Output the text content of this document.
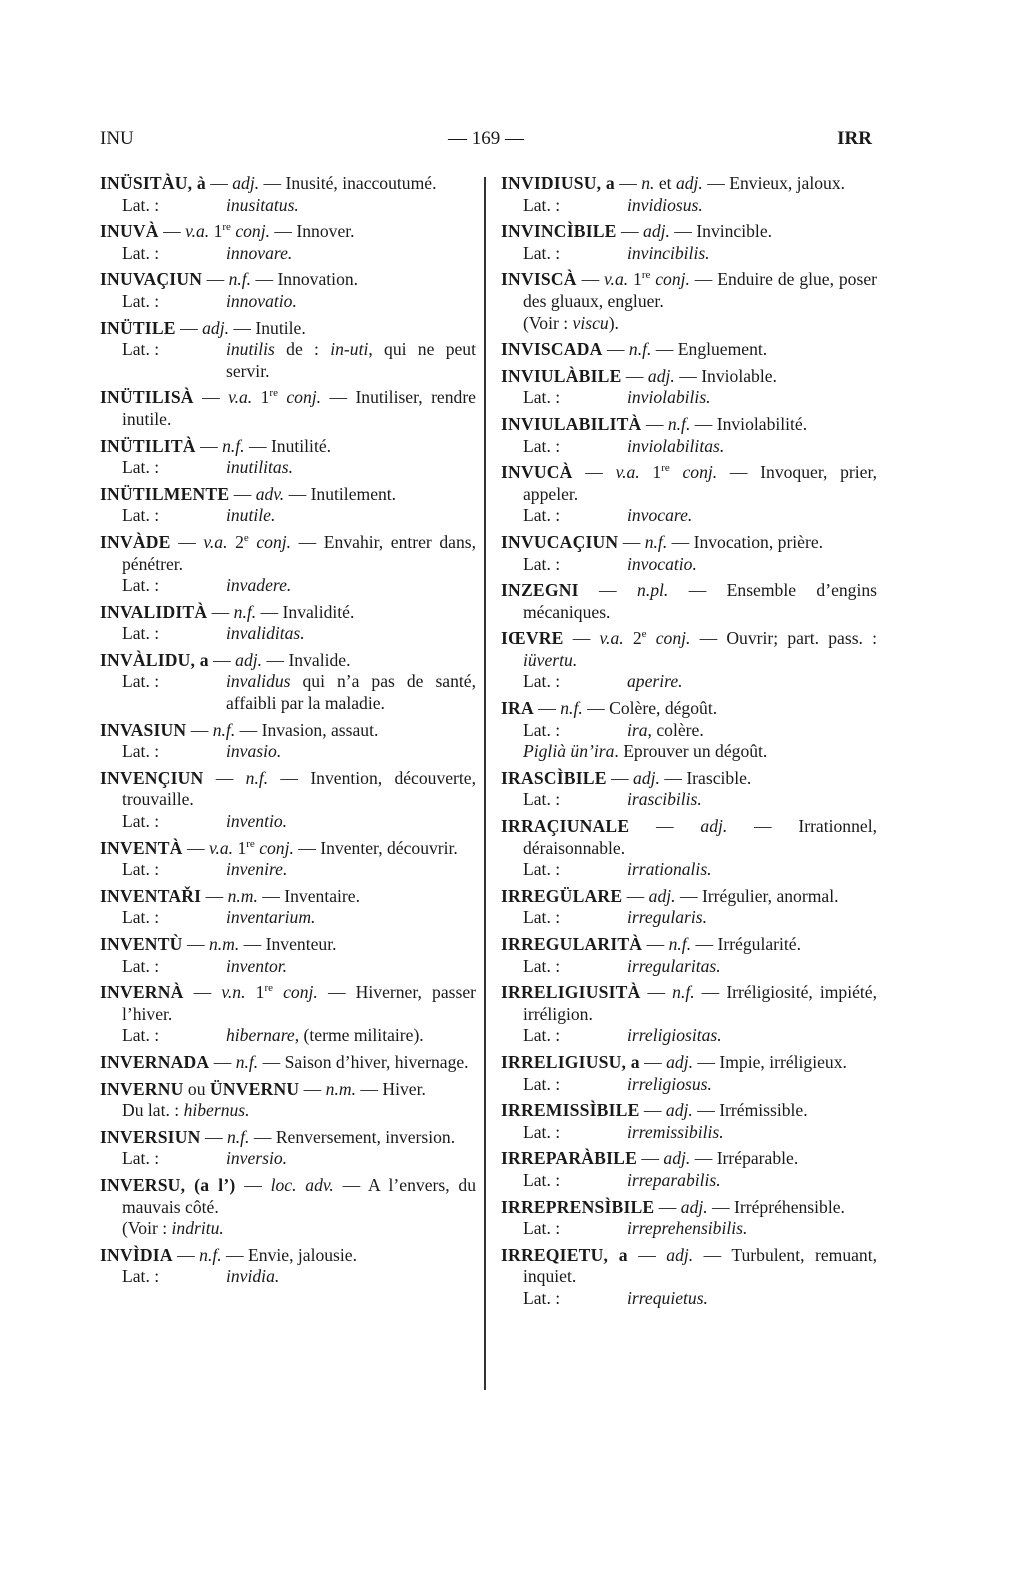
INU	— 169 —	IRR
INÜSITÀU, à — adj. — Inusité, inaccoutumé.
Lat. :	inusitatus.
INUVÀ — v.a. 1re conj. — Innover.
Lat. :	innovare.
INUVAÇIUN — n.f. — Innovation.
Lat. :	innovatio.
INÜTILE — adj. — Inutile.
Lat. :	inutilis de : in-uti, qui ne peut servir.
INÜTILISÀ — v.a. 1re conj. — Inutiliser, rendre inutile.
INÜTILITÀ — n.f. — Inutilité.
Lat. :	inutilitas.
INÜTILMENTE — adv. — Inutilement.
Lat. :	inutile.
INVÀDE — v.a. 2e conj. — Envahir, entrer dans, pénétrer.
Lat. :	invadere.
INVALIDITÀ — n.f. — Invalidité.
Lat. :	invaliditas.
INVÀLIDU, a — adj. — Invalide.
Lat. :	invalidus qui n’a pas de santé, affaibli par la maladie.
INVASIUN — n.f. — Invasion, assaut.
Lat. :	invasio.
INVENÇIUN — n.f. — Invention, découverte, trouvaille.
Lat. :	inventio.
INVENTÀ — v.a. 1re conj. — Inventer, découvrir.
Lat. :	invenire.
INVENTAŘI — n.m. — Inventaire.
Lat. :	inventarium.
INVENTÙ — n.m. — Inventeur.
Lat. :	inventor.
INVERNÀ — v.n. 1re conj. — Hiverner, passer l’hiver.
Lat. :	hibernare, (terme militaire).
INVERNADA — n.f. — Saison d’hiver, hivernage.
INVERNU ou ÜNVERNU — n.m. — Hiver.
Du lat. : hibernus.
INVERSIUN — n.f. — Renversement, inversion.
Lat. :	inversio.
INVERSU, (a l’) — loc. adv. — A l’envers, du mauvais côté.
(Voir : indritu.
INVÌDIA — n.f. — Envie, jalousie.
Lat. :	invidia.
INVIDIUSU, a — n. et adj. — Envieux, jaloux.
Lat. :	invidiosus.
INVINCÌBILE — adj. — Invincible.
Lat. :	invincibilis.
INVISCÀ — v.a. 1re conj. — Enduire de glue, poser des gluaux, engluer.
(Voir : viscu).
INVISCADA — n.f. — Engluement.
INVIULÀBILE — adj. — Inviolable.
Lat. :	inviolabilis.
INVIULABILITÀ — n.f. — Inviolabilité.
Lat. :	inviolabilitas.
INVUCÀ — v.a. 1re conj. — Invoquer, prier, appeler.
Lat. :	invocare.
INVUCAÇIUN — n.f. — Invocation, prière.
Lat. :	invocatio.
INZEGNI — n.pl. — Ensemble d’engins mécaniques.
IŒVRE — v.a. 2e conj. — Ouvrir; part. pass. : iüvertu.
Lat. :	aperire.
IRA — n.f. — Colère, dégoût.
Lat. :	ira, colère.
Piglià ün’ira. Eprouver un dégoût.
IRASCÌBILE — adj. — Irascible.
Lat. :	irascibilis.
IRRAÇIUNALE — adj. — Irrationnel, déraisonnable.
Lat. :	irrationalis.
IRREGÜLARE — adj. — Irrégulier, anormal.
Lat. :	irregularis.
IRREGULARITÀ — n.f. — Irrégularité.
Lat. :	irregularitas.
IRRELIGIUSITÀ — n.f. — Irréligiosité, impiété, irréligion.
Lat. :	irreligiositas.
IRRELIGIUSU, a — adj. — Impie, irréligieux.
Lat. :	irreligiosus.
IRREMISSÌBILE — adj. — Irrémissible.
Lat. :	irremissibilis.
IRREPARÀBILE — adj. — Irréparable.
Lat. :	irreparabilis.
IRREPRENSÌBILE — adj. — Irrépréhensible.
Lat. :	irreprehensibilis.
IRREQIETU, a — adj. — Turbulent, remuant, inquiet.
Lat. :	irrequietus.
